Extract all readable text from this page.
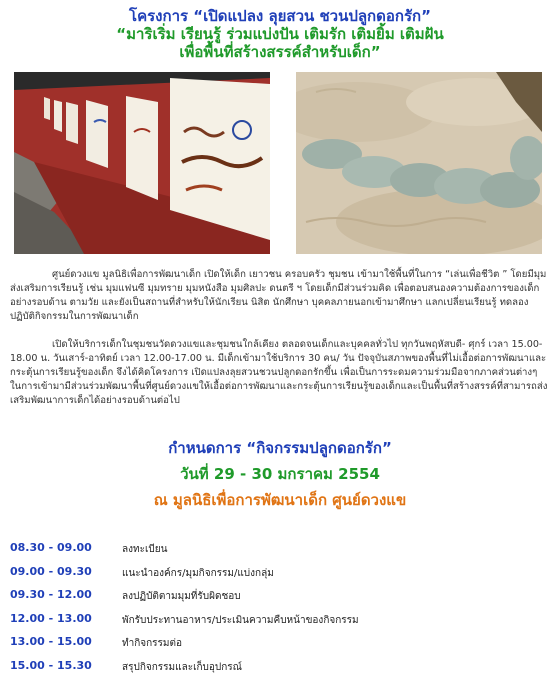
โครงการ “เปิดแปลง ลุยสวน ชวนปลูกดอกรัก”
“มาริเริ่ม เรียนรู้ ร่วมแบ่งปัน เติมรัก เติมยิ้ม เติมฝัน
เพื่อพื้นที่สร้างสรรค์สำหรับเด็ก”

ศูนย์ดวงแข มูลนิธิเพื่อการพัฒนาเด็ก เปิดให้เด็ก เยาวชน ครอบครัว ชุมชน เข้ามาใช้พื้นที่ในการ “เล่นเพื่อชีวิต ” โดยมีมุมส่งเสริมการเรียนรู้ เช่น มุมแฟนซี มุมทราย มุมหนังสือ มุมศิลปะ ดนตรี ฯ โดยเด็กมีส่วนร่วมคิด เพื่อตอบสนองความต้องการของเด็กอย่างรอบด้าน ตามวัย และยังเป็นสถานที่สำหรับให้นักเรียน นิสิต นักศึกษา บุคคลภายนอกเข้ามาศึกษา แลกเปลี่ยนเรียนรู้ ทดลองปฏิบัติกิจกรรมในการพัฒนาเด็ก

เปิดให้บริการเด็กในชุมชนวัดดวงแขและชุมชนใกล้เคียง ตลอดจนเด็กและบุคคลทั่วไป ทุกวันพฤหัสบดี- ศุกร์ เวลา 15.00-18.00 น. วันเสาร์-อาทิตย์ เวลา 12.00-17.00 น. มีเด็กเข้ามาใช้บริการ 30 คน/ วัน ปัจจุบันสภาพของพื้นที่ไม่เอื้อต่อการพัฒนาและกระตุ้นการเรียนรู้ของเด็ก จึงได้คิดโครงการ เปิดแปลงลุยสวนชวนปลูกดอกรักขึ้น เพื่อเป็นการระดมความร่วมมือจากภาคส่วนต่างๆในการเข้ามามีส่วนร่วมพัฒนาพื้นที่ศูนย์ดวงแขให้เอื้อต่อการพัฒนาและกระตุ้นการเรียนรู้ของเด็กและเป็นพื้นที่สร้างสรรค์ที่สามารถส่งเสริมพัฒนาการเด็กได้อย่างรอบด้านต่อไป

กำหนดการ “กิจกรรมปลูกดอกรัก”
วันที่ 29 - 30 มกราคม 2554
ณ มูลนิธิเพื่อการพัฒนาเด็ก ศูนย์ดวงแข
08.30 - 09.00	ลงทะเบียน
09.00 - 09.30	แนะนำองค์กร/มุมกิจกรรม/แบ่งกลุ่ม
09.30 - 12.00	ลงปฏิบัติตามมุมที่รับผิดชอบ
12.00 - 13.00	พักรับประทานอาหาร/ประเมินความคืบหน้าของกิจกรรม
13.00 - 15.00	ทำกิจกรรมต่อ
15.00 - 15.30	สรุปกิจกรรมและเก็บอุปกรณ์
